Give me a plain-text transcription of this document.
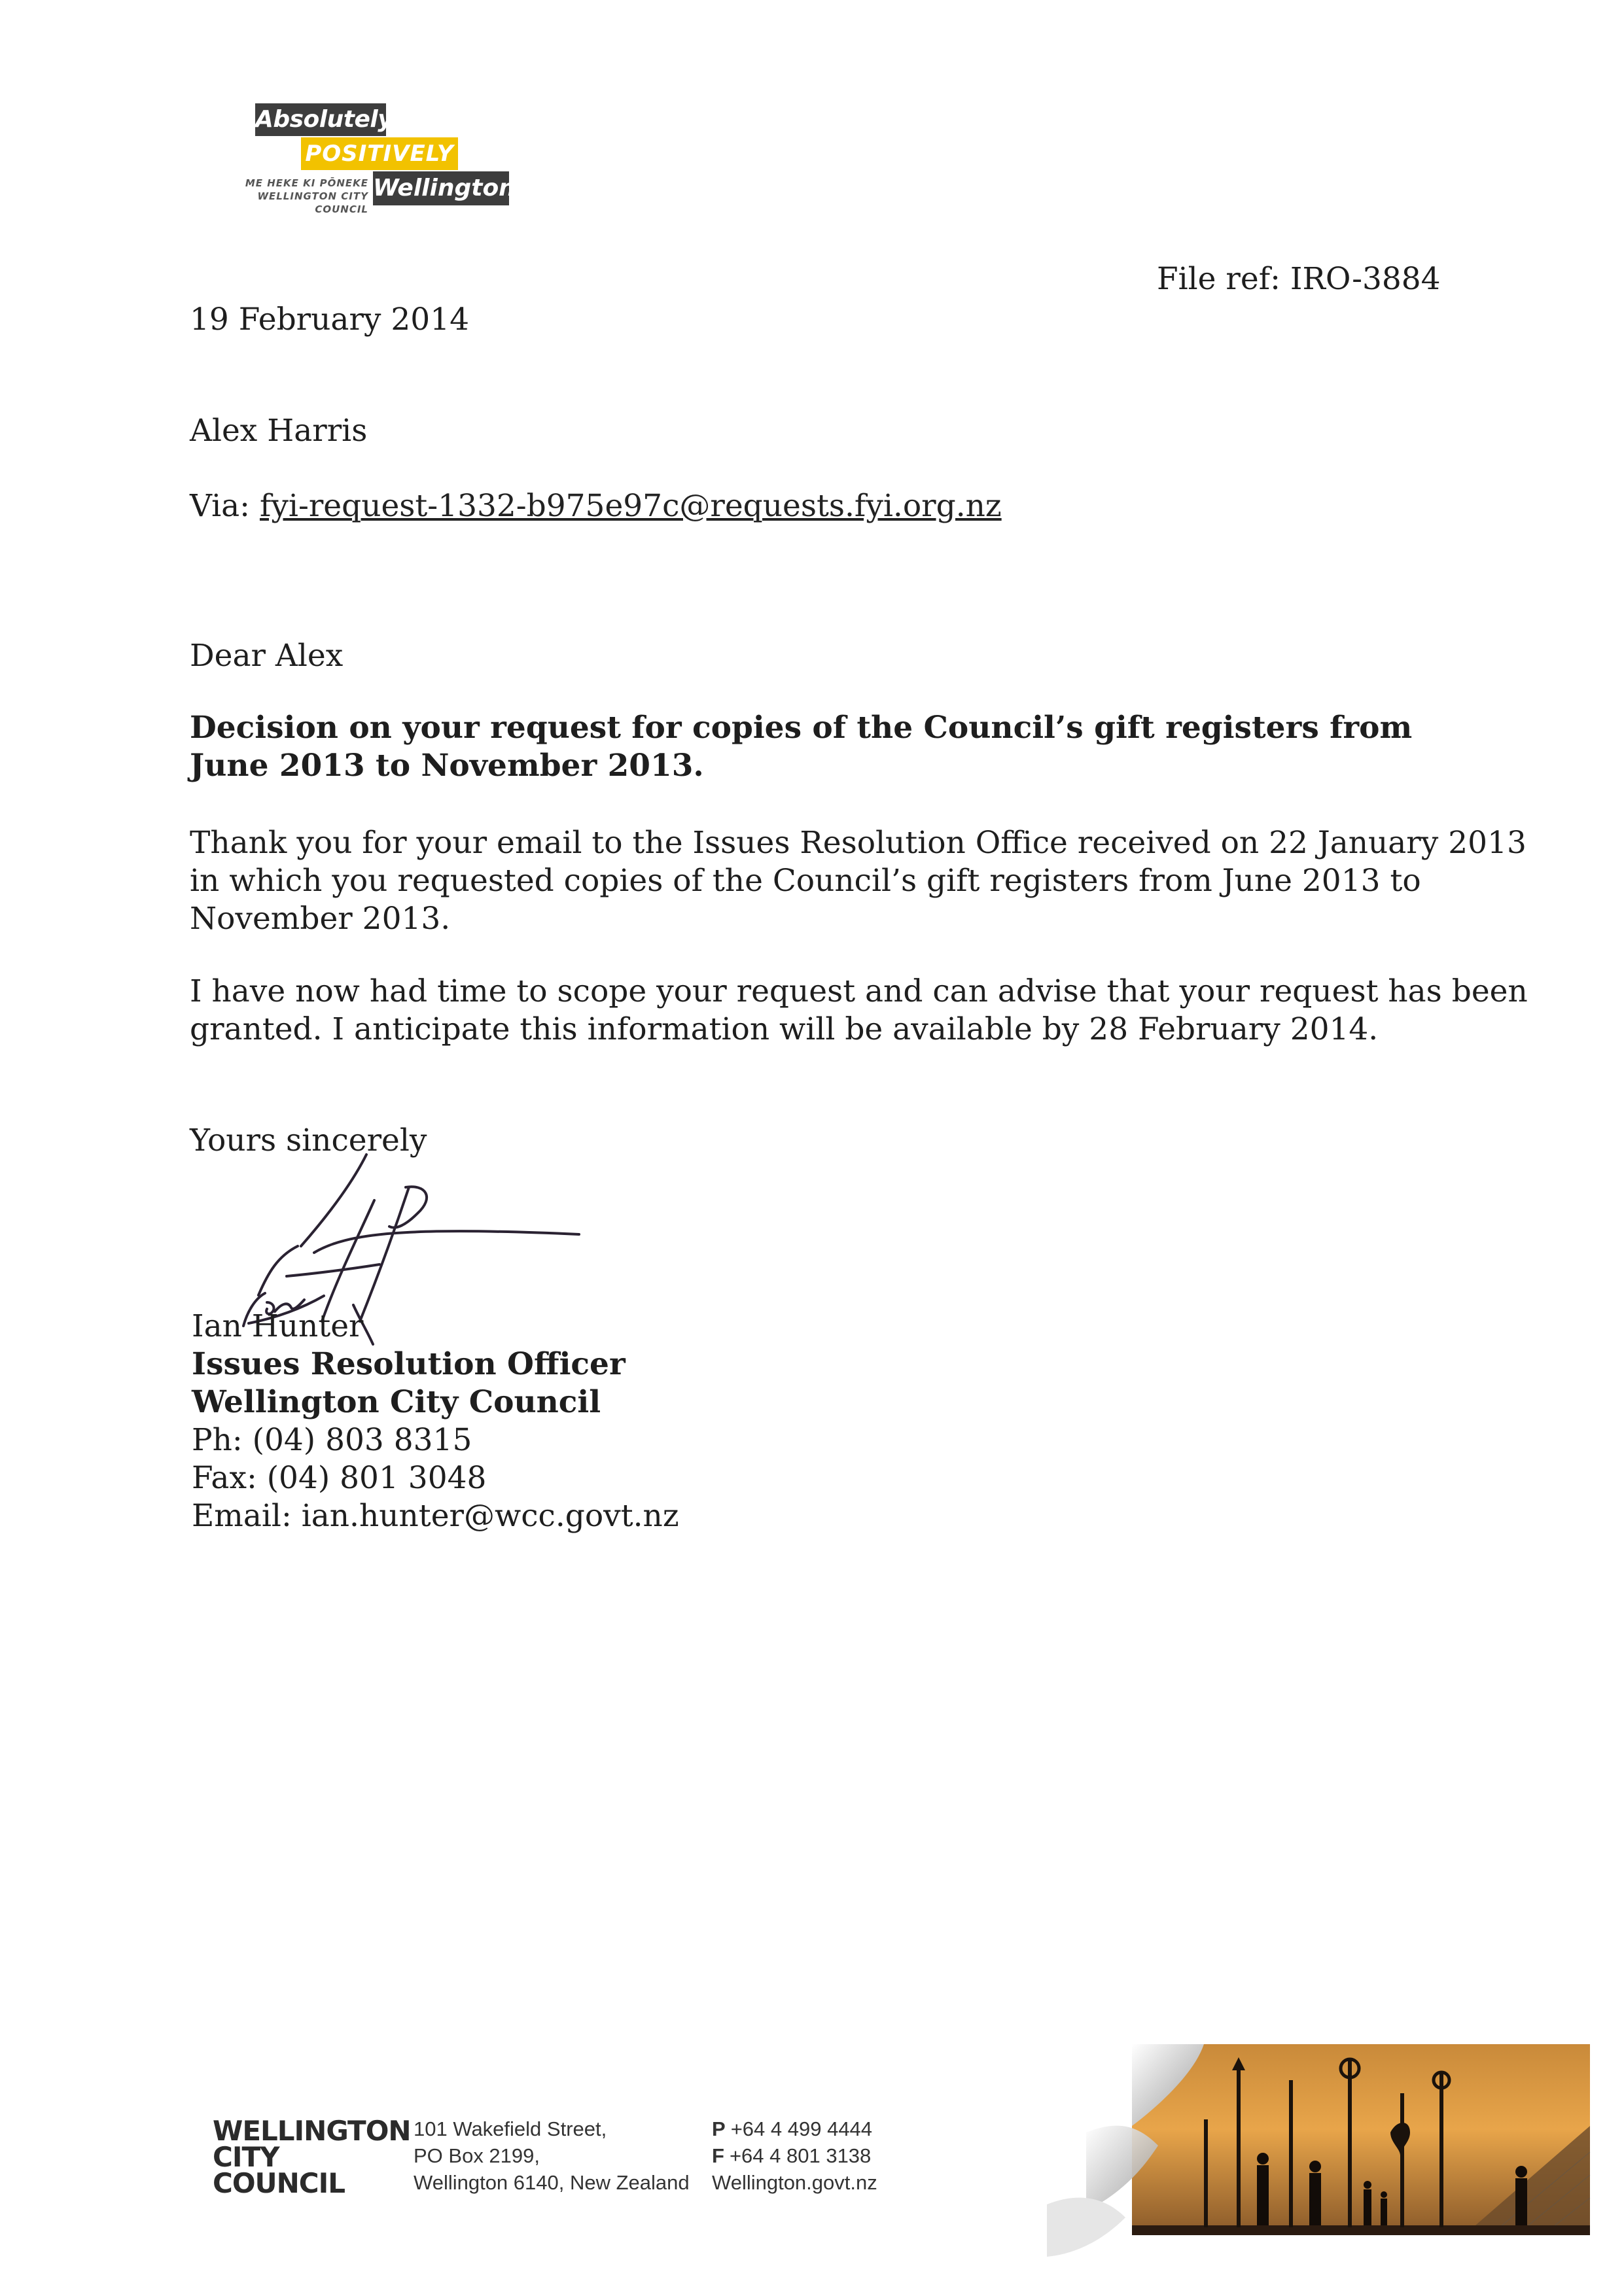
Absolutely
POSITIVELY
Wellington
ME HEKE KI PŌNEKE
WELLINGTON CITY COUNCIL
File ref: IRO-3884
19 February 2014
Alex Harris
Via: fyi-request-1332-b975e97c@requests.fyi.org.nz
Dear Alex
Decision on your request for copies of the Council’s gift registers from
June 2013 to November 2013.
Thank you for your email to the Issues Resolution Office received on 22 January 2013
in which you requested copies of the Council’s gift registers from June 2013 to
November 2013.
I have now had time to scope your request and can advise that your request has been
granted. I anticipate this information will be available by 28 February 2014.
Yours sincerely
Ian Hunter
Issues Resolution Officer
Wellington City Council
Ph: (04) 803 8315
Fax: (04) 801 3048
Email: ian.hunter@wcc.govt.nz
WELLINGTON
CITY
COUNCIL
101 Wakefield Street,
PO Box 2199,
Wellington 6140, New Zealand
P +64 4 499 4444
F +64 4 801 3138
Wellington.govt.nz
